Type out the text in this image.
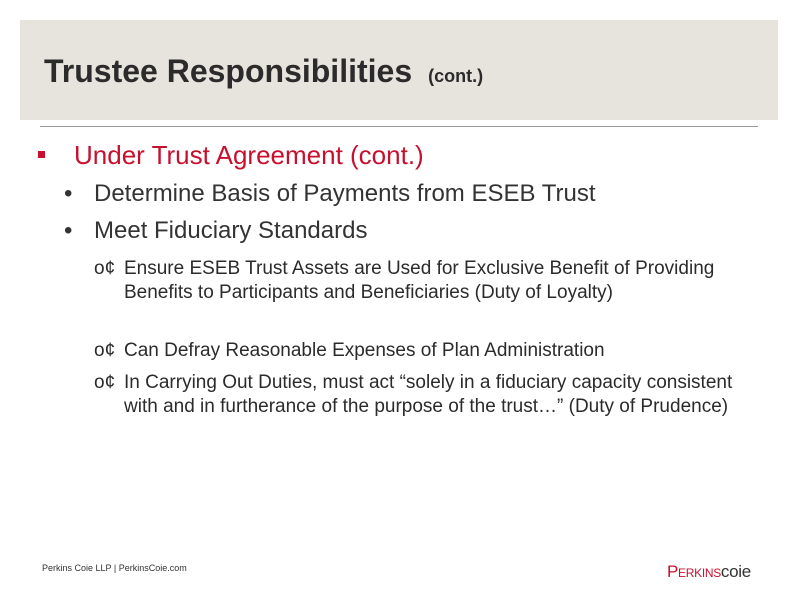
Trustee Responsibilities (cont.)
Under Trust Agreement (cont.)
• Determine Basis of Payments from ESEB Trust
• Meet Fiduciary Standards
o¢ Ensure ESEB Trust Assets are Used for Exclusive Benefit of Providing Benefits to Participants and Beneficiaries (Duty of Loyalty)
o¢ Can Defray Reasonable Expenses of Plan Administration
o¢ In Carrying Out Duties, must act “solely in a fiduciary capacity consistent with and in furtherance of the purpose of the trust…” (Duty of Prudence)
Perkins Coie LLP | PerkinsCoie.com	Perkinscoie
